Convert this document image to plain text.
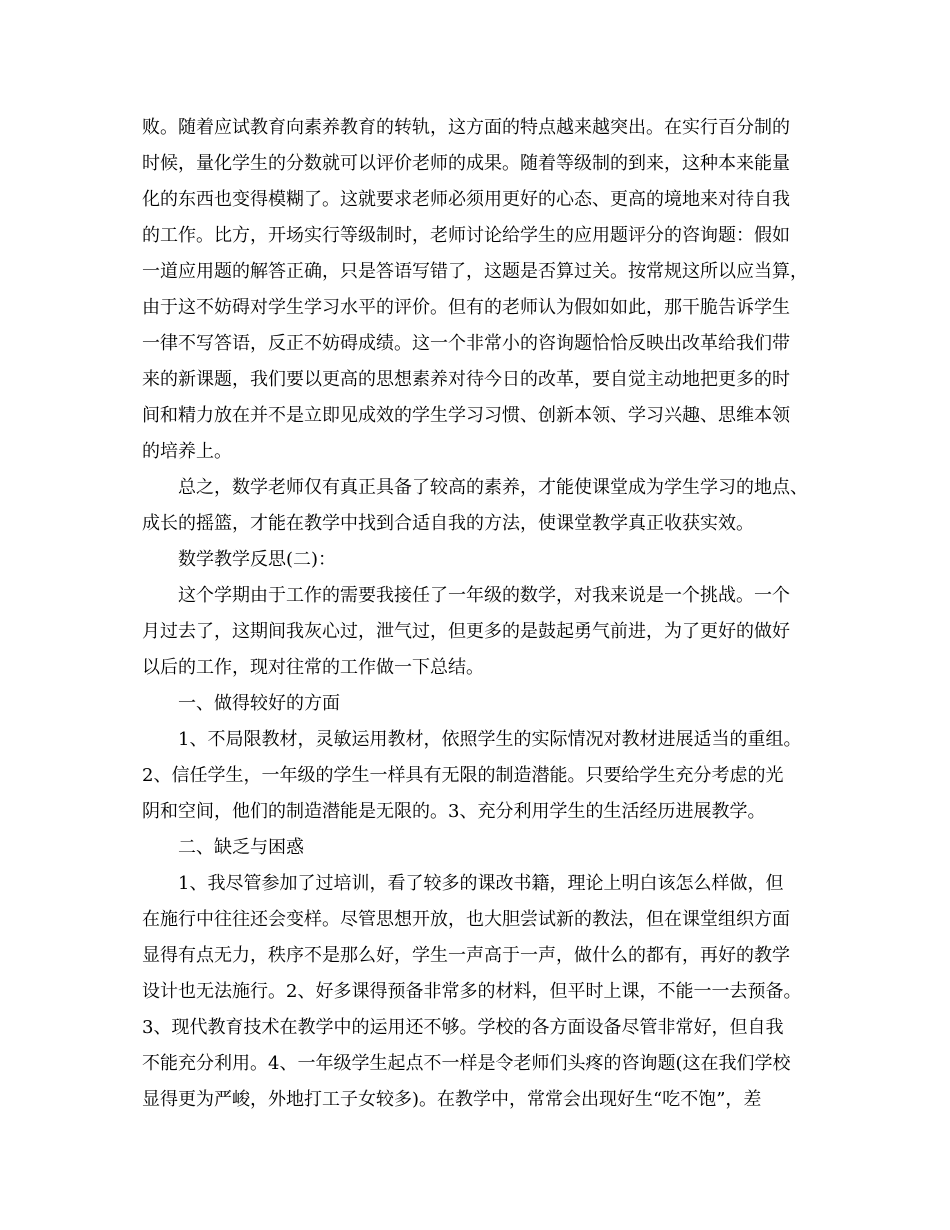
败。随着应试教育向素养教育的转轨，这方面的特点越来越突出。在实行百分制的
时候，量化学生的分数就可以评价老师的成果。随着等级制的到来，这种本来能量
化的东西也变得模糊了。这就要求老师必须用更好的心态、更高的境地来对待自我
的工作。比方，开场实行等级制时，老师讨论给学生的应用题评分的咨询题：假如
一道应用题的解答正确，只是答语写错了，这题是否算过关。按常规这所以应当算，
由于这不妨碍对学生学习水平的评价。但有的老师认为假如如此，那干脆告诉学生
一律不写答语，反正不妨碍成绩。这一个非常小的咨询题恰恰反映出改革给我们带
来的新课题，我们要以更高的思想素养对待今日的改革，要自觉主动地把更多的时
间和精力放在并不是立即见成效的学生学习习惯、创新本领、学习兴趣、思维本领
的培养上。
总之，数学老师仅有真正具备了较高的素养，才能使课堂成为学生学习的地点、
成长的摇篮，才能在教学中找到合适自我的方法，使课堂教学真正收获实效。
数学教学反思(二)：
这个学期由于工作的需要我接任了一年级的数学，对我来说是一个挑战。一个
月过去了，这期间我灰心过，泄气过，但更多的是鼓起勇气前进，为了更好的做好
以后的工作，现对往常的工作做一下总结。
一、做得较好的方面
1、不局限教材，灵敏运用教材，依照学生的实际情况对教材进展适当的重组。
2、信任学生，一年级的学生一样具有无限的制造潜能。只要给学生充分考虑的光
阴和空间，他们的制造潜能是无限的。3、充分利用学生的生活经历进展教学。
二、缺乏与困惑
1、我尽管参加了过培训，看了较多的课改书籍，理论上明白该怎么样做，但
在施行中往往还会变样。尽管思想开放，也大胆尝试新的教法，但在课堂组织方面
显得有点无力，秩序不是那么好，学生一声高于一声，做什么的都有，再好的教学
设计也无法施行。2、好多课得预备非常多的材料，但平时上课，不能一一去预备。
3、现代教育技术在教学中的运用还不够。学校的各方面设备尽管非常好，但自我
不能充分利用。4、一年级学生起点不一样是令老师们头疼的咨询题(这在我们学校
显得更为严峻，外地打工子女较多)。在教学中，常常会出现好生“吃不饱”，差
